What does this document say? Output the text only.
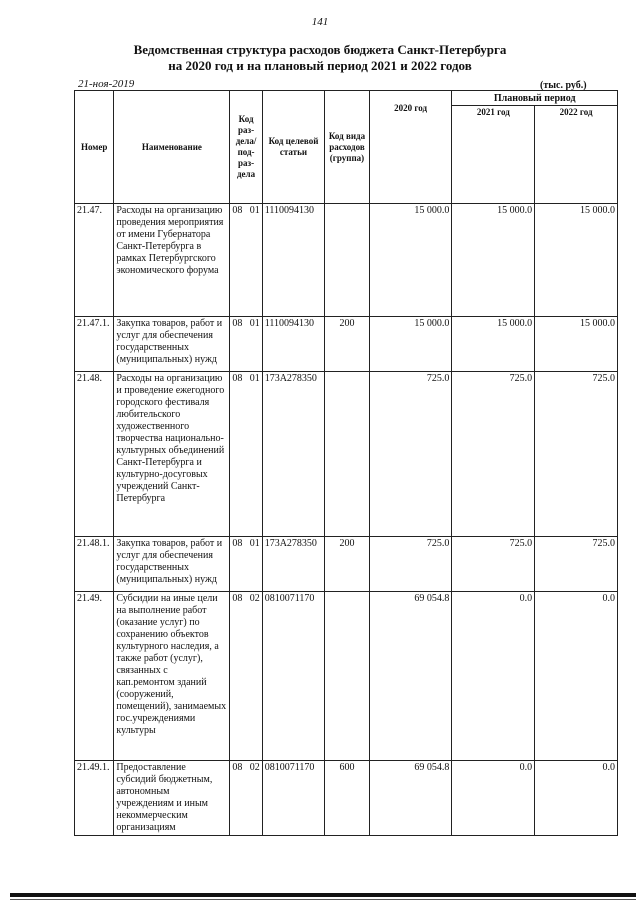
141
Ведомственная структура расходов бюджета Санкт-Петербурга
на 2020 год и на плановый период 2021 и 2022 годов
21-ноя-2019	(тыс. руб.)
Номер	Наименование	Код раз- дела/ под- раз- дела	Код целевой статьи	Код вида расходов (группа)	2020 год	Плановый период	
						2021 год	2022 год
21.47.	Расходы на организацию проведения мероприятия от имени Губернатора Санкт-Петербурга в рамках Петербургского экономического форума	08 01	1110094130		15 000.0	15 000.0	15 000.0
21.47.1.	Закупка товаров, работ и услуг для обеспечения государственных (муниципальных) нужд	08 01	1110094130	200	15 000.0	15 000.0	15 000.0
21.48.	Расходы на организацию и проведение ежегодного городского фестиваля любительского художественного творчества национально-культурных объединений Санкт-Петербурга и культурно-досуговых учреждений Санкт-Петербурга	08 01	173А278350		725.0	725.0	725.0
21.48.1.	Закупка товаров, работ и услуг для обеспечения государственных (муниципальных) нужд	08 01	173А278350	200	725.0	725.0	725.0
21.49.	Субсидии на иные цели на выполнение работ (оказание услуг) по сохранению объектов культурного наследия, а также работ (услуг), связанных с кап.ремонтом зданий (сооружений, помещений), занимаемых гос.учреждениями культуры	08 02	0810071170		69 054.8	0.0	0.0
21.49.1.	Предоставление субсидий бюджетным, автономным учреждениям и иным некоммерческим организациям	08 02	0810071170	600	69 054.8	0.0	0.0
